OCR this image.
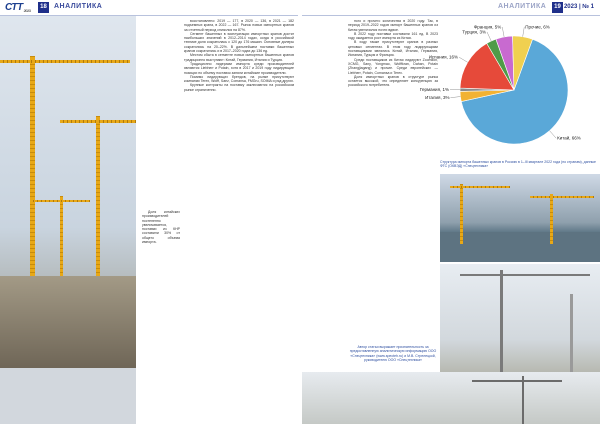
СТТ2023
18	АНАЛИТИКА	АНАЛИТИКА	19 2023 | № 1

Доля китайских производителей постепенно увеличивается, поставки из КНР составили 30% от общего объема импорта.

восстановлено: 2019 — 177, в 2020 — 136, в 2021 — 182 подъемных крана, в 2022 — 167. Рынок новых импортных кранов за отчетный период снизился на 87%.

Сегмент башенных в эксплуатации импортных кранов достиг наибольших значений в 2012–2014 годах, когда в российской технике доля сократилась с 120 до 176 машин. Основные дилеры сократились на 20–22%. В дальнейшем поставки башенных кранов сократились и в 2017–2020 годах до 136 ед.

Местом сбыта в сегменте новых импортных башенных кранов традиционно выступают: Китай, Германия, Италия и Турция.

Традиционно лидерами импорта среди производителей являются Liebherr и Potain, хотя в 2017 и 2019 году лидирующие позиции по объему поставок заняли китайские производители.

Помимо лидирующих брендов, на рынке присутствуют компании Terex, Wolff, Saez, Comansa, FMGru, SOIMA и ряд других.

Крупные контракты на поставку заключаются на российском рынке ограниченно.

ного и прочего количества в 2020 году. Так, в период 2019–2022 годов импорт башенных кранов из Китая увеличился почти вдвое.

В 2022 году поставки составили 161 ед. В 2023 году ожидается рост импорта из Китая.

В ходу также присутствуют кранов в разных ценовых сегментах. В этом году лидирующими поставщиками являлись Китай, Италия, Германия, Испания, Турция и Франция.

Среди поставщиков из Китая лидируют Zoomlion, XCMG, Sany, Yongmao, Wolffkran, Dahan, Potain (Zhangjiagang) и прочие. Среди европейских — Liebherr, Potain, Comansa и Terex.

Доля импортных кранов в структуре рынка остается высокой, что определяет конкуренцию за российского потребителя.

Автор статьи выражает признательность за предоставленную аналитическую информацию ООО «Спецтехника» (www.specteh.ru) и М.В. Стрелецкой, руководителю ООО «Спецтехника»
Китай, 66%
Италия, 3%
Германия, 1%
Испания, 16%
Турция, 3%
Франция, 5%	Прочие, 6%
Структура импорта башенных кранов в Россию в 1–III квартале 2022 года (по странам), данные ФТС (ОКВЭД) «Спецтехника»
